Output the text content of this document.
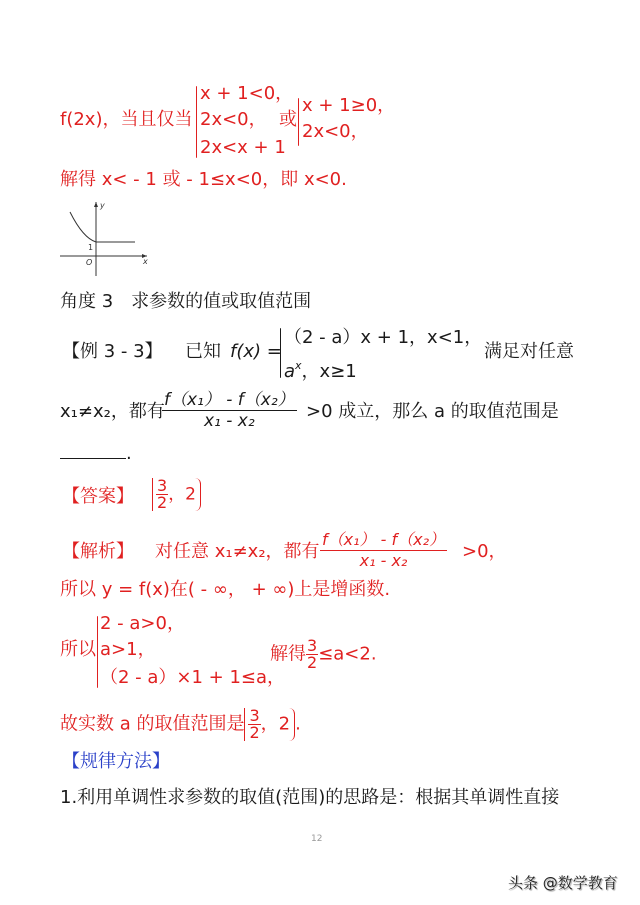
f(2x)，当且仅当
x + 1<0，
2x<0，
2x<x + 1
或
x + 1≥0，
2x<0，
解得 x< - 1 或 - 1≤x<0，即 x<0.
y
x
O
1
角度 3　求参数的值或取值范围
【例 3 - 3】 已知 f(x) =
（2 - a）x + 1，x<1，
$a^x$，x≥1
满足对任意
x₁≠x₂，都有
$\frac{\text{f（x₁） - f（x₂）}}{\text{x₁ - x₂}} >0$ 成立，那么 a 的取值范围是
.
【答案】 $\frac{3}{2}$ ，2
【解析】 对任意 x₁≠x₂，都有 $\frac{\text{f（x₁） - f（x₂）}}{\text{x₁ - x₂}} >0$，
所以 y = f(x)在( - ∞， + ∞)上是增函数.
所以
2 - a>0，
a>1，
（2 - a）×1 + 1≤a，
解得 $\frac{3}{2} \le a<2$.
故实数 a 的取值范围是 $\frac{3}{2}$ ，2 .
【规律方法】
1.利用单调性求参数的取值(范围)的思路是：根据其单调性直接
12
头条 @数学教育
